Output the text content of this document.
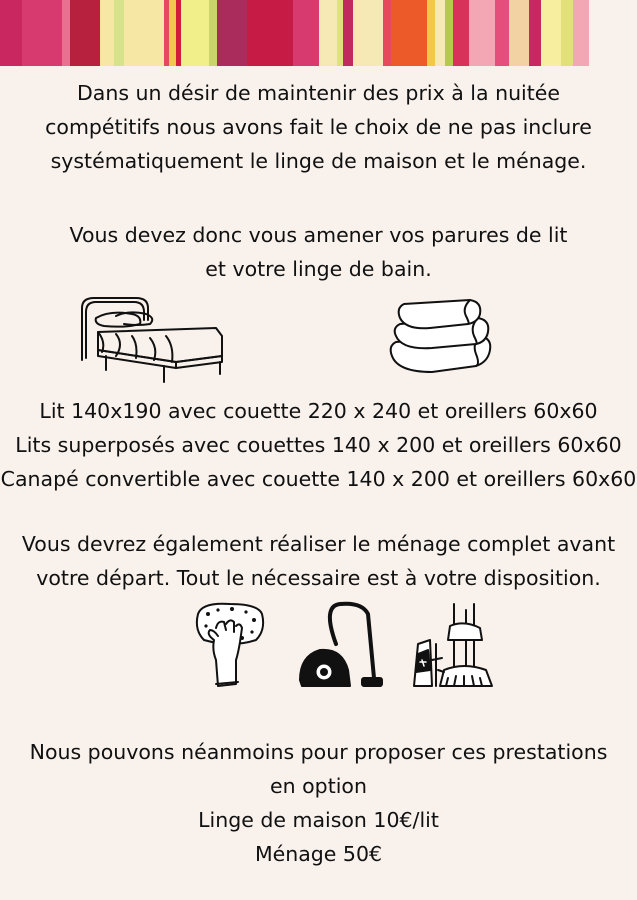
Dans un désir de maintenir des prix à la nuitée
compétitifs nous avons fait le choix de ne pas inclure
systématiquement le linge de maison et le ménage.
Vous devez donc vous amener vos parures de lit
et votre linge de bain.
Lit 140x190 avec couette 220 x 240 et oreillers 60x60
Lits superposés avec couettes 140 x 200 et oreillers 60x60
Canapé convertible avec couette 140 x 200 et oreillers 60x60
Vous devrez également réaliser le ménage complet avant
votre départ. Tout le nécessaire est à votre disposition.
Nous pouvons néanmoins pour proposer ces prestations
en option
Linge de maison 10€/lit
Ménage 50€
